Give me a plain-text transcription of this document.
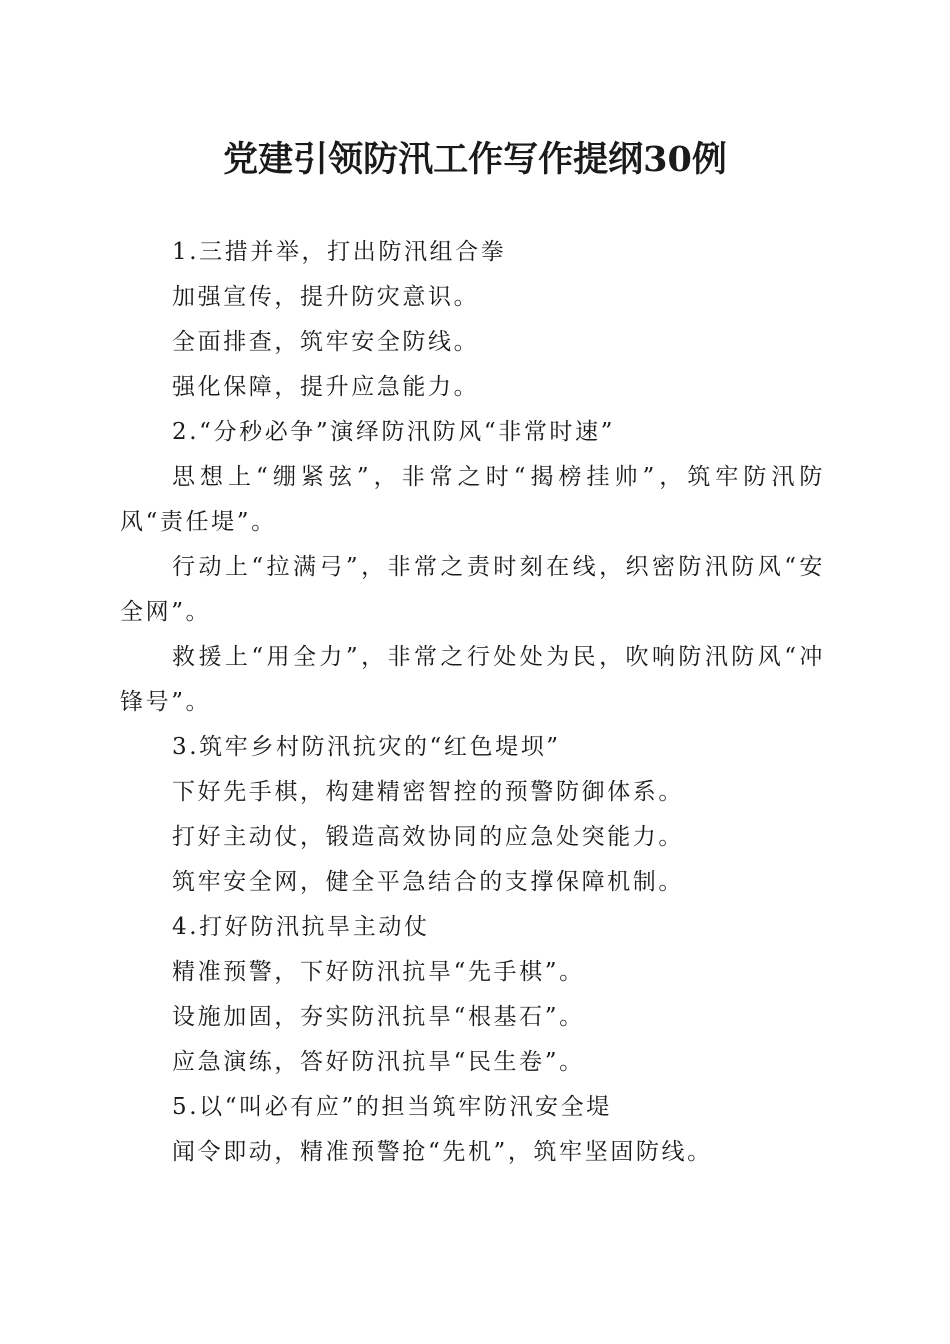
党建引领防汛工作写作提纲30例

1.三措并举，打出防汛组合拳

加强宣传，提升防灾意识。

全面排查，筑牢安全防线。

强化保障，提升应急能力。

2.“分秒必争”演绎防汛防风“非常时速”

思想上“绷紧弦”，非常之时“揭榜挂帅”，筑牢防汛防风“责任堤”。

行动上“拉满弓”，非常之责时刻在线，织密防汛防风“安全网”。

救援上“用全力”，非常之行处处为民，吹响防汛防风“冲锋号”。

3.筑牢乡村防汛抗灾的“红色堤坝”

下好先手棋，构建精密智控的预警防御体系。

打好主动仗，锻造高效协同的应急处突能力。

筑牢安全网，健全平急结合的支撑保障机制。

4.打好防汛抗旱主动仗

精准预警，下好防汛抗旱“先手棋”。

设施加固，夯实防汛抗旱“根基石”。

应急演练，答好防汛抗旱“民生卷”。

5.以“叫必有应”的担当筑牢防汛安全堤

闻令即动，精准预警抢“先机”，筑牢坚固防线。
